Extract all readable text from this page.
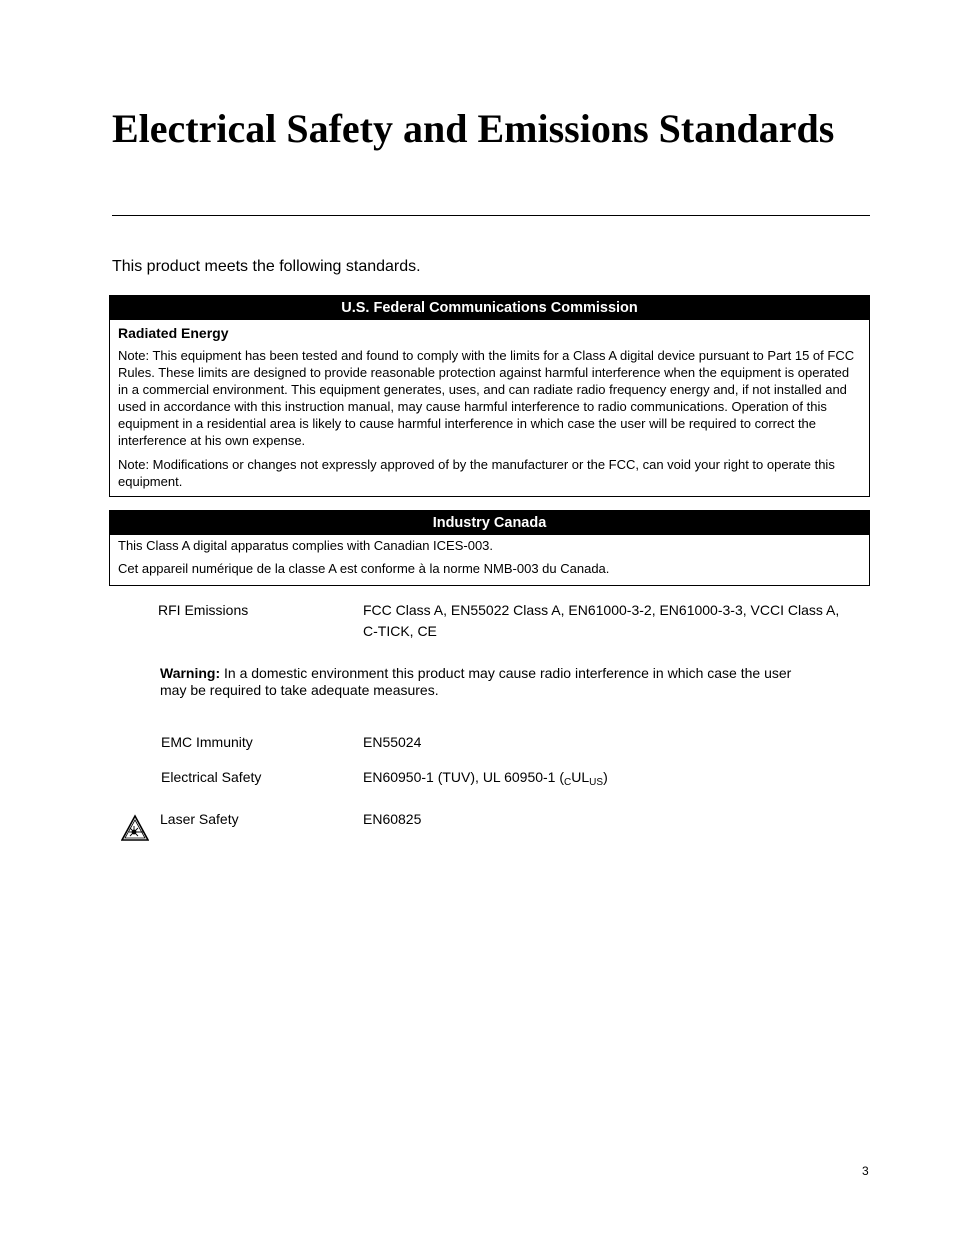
Electrical Safety and Emissions Standards
This product meets the following standards.
U.S. Federal Communications Commission
Radiated Energy

Note: This equipment has been tested and found to comply with the limits for a Class A digital device pursuant to Part 15 of FCC Rules. These limits are designed to provide reasonable protection against harmful interference when the equipment is operated in a commercial environment. This equipment generates, uses, and can radiate radio frequency energy and, if not installed and used in accordance with this instruction manual, may cause harmful interference to radio communications. Operation of this equipment in a residential area is likely to cause harmful interference in which case the user will be required to correct the interference at his own expense.

Note: Modifications or changes not expressly approved of by the manufacturer or the FCC, can void your right to operate this equipment.

Industry Canada

This Class A digital apparatus complies with Canadian ICES-003.

Cet appareil numérique de la classe A est conforme à la norme NMB-003 du Canada.

RFI Emissions	FCC Class A, EN55022 Class A, EN61000-3-2, EN61000-3-3, VCCI Class A, C-TICK, CE
Warning: In a domestic environment this product may cause radio interference in which case the user may be required to take adequate measures.
EMC Immunity	EN55024
Electrical Safety	EN60950-1 (TUV), UL 60950-1 $(_CUL_{US})$
Laser Safety	EN60825
3
